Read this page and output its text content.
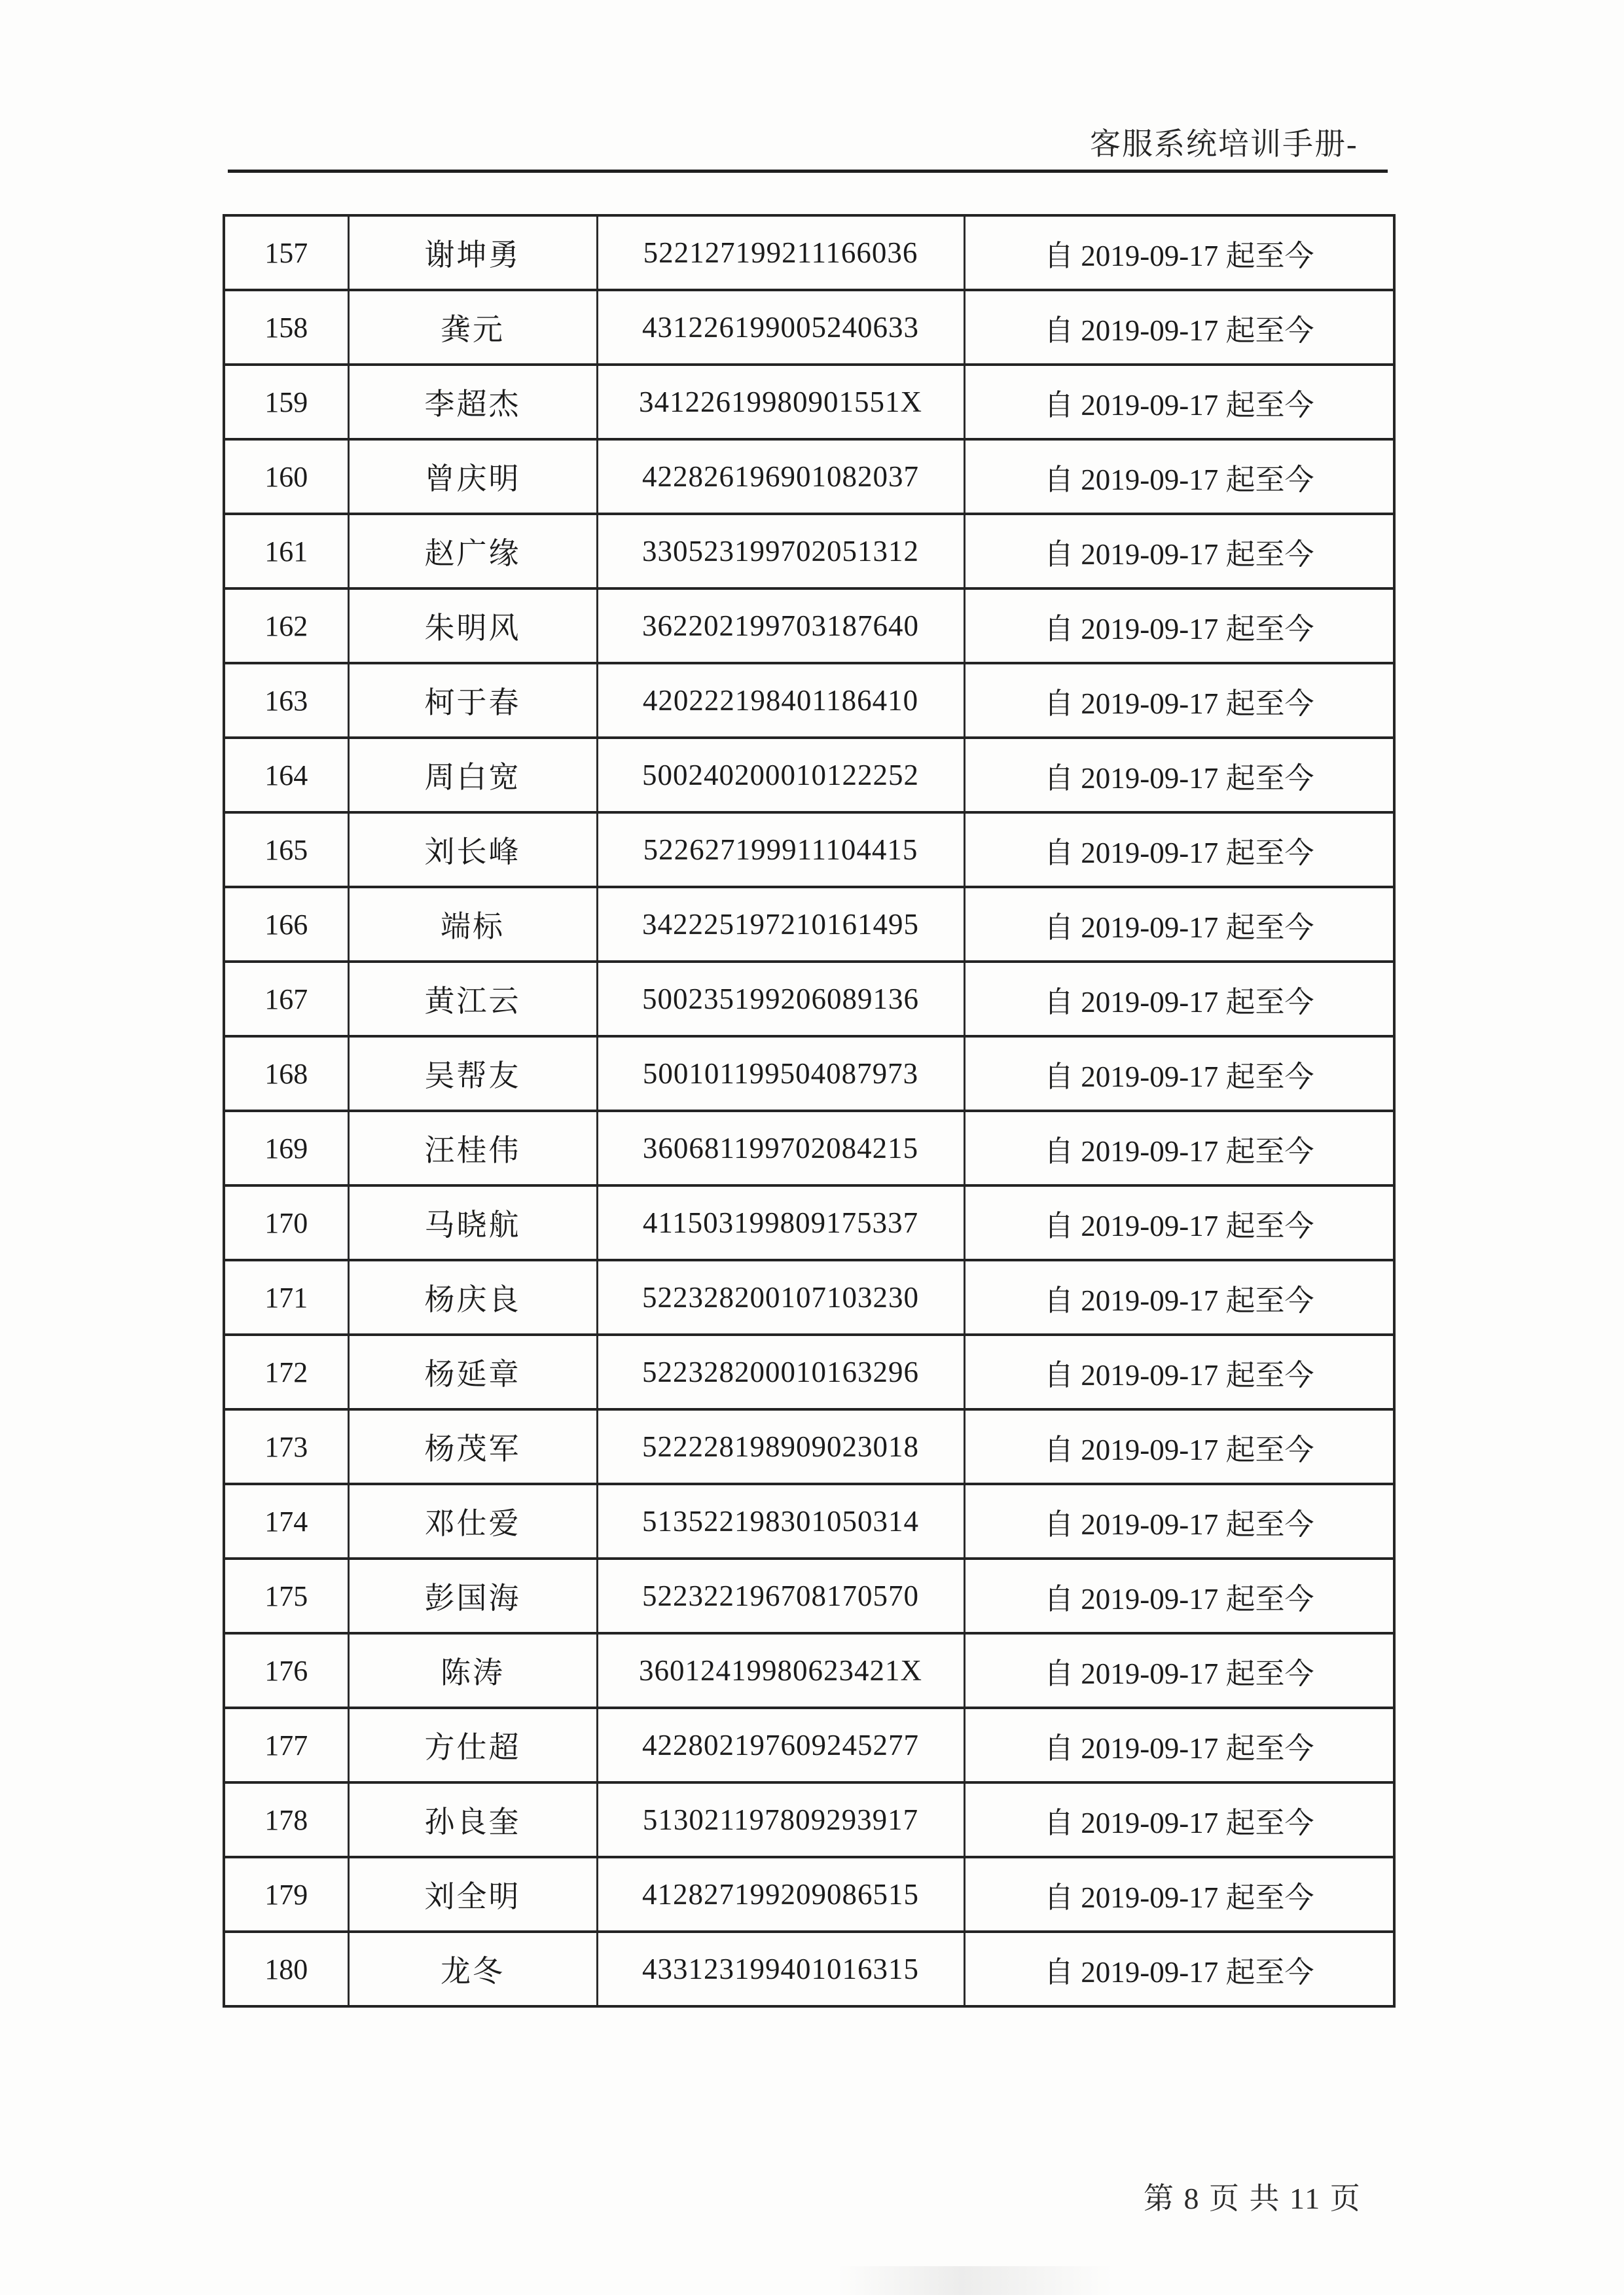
客服系统培训手册-
157	谢坤勇	522127199211166036	自 2019-09-17 起至今
158	龚元	431226199005240633	自 2019-09-17 起至今
159	李超杰	34122619980901551X	自 2019-09-17 起至今
160	曾庆明	422826196901082037	自 2019-09-17 起至今
161	赵广缘	330523199702051312	自 2019-09-17 起至今
162	朱明风	362202199703187640	自 2019-09-17 起至今
163	柯于春	420222198401186410	自 2019-09-17 起至今
164	周白宽	500240200010122252	自 2019-09-17 起至今
165	刘长峰	522627199911104415	自 2019-09-17 起至今
166	端标	342225197210161495	自 2019-09-17 起至今
167	黄江云	500235199206089136	自 2019-09-17 起至今
168	吴帮友	500101199504087973	自 2019-09-17 起至今
169	汪桂伟	360681199702084215	自 2019-09-17 起至今
170	马晓航	411503199809175337	自 2019-09-17 起至今
171	杨庆良	522328200107103230	自 2019-09-17 起至今
172	杨延章	522328200010163296	自 2019-09-17 起至今
173	杨茂军	522228198909023018	自 2019-09-17 起至今
174	邓仕爱	513522198301050314	自 2019-09-17 起至今
175	彭国海	522322196708170570	自 2019-09-17 起至今
176	陈涛	36012419980623421X	自 2019-09-17 起至今
177	方仕超	422802197609245277	自 2019-09-17 起至今
178	孙良奎	513021197809293917	自 2019-09-17 起至今
179	刘全明	412827199209086515	自 2019-09-17 起至今
180	龙冬	433123199401016315	自 2019-09-17 起至今
第 8 页 共 11 页
